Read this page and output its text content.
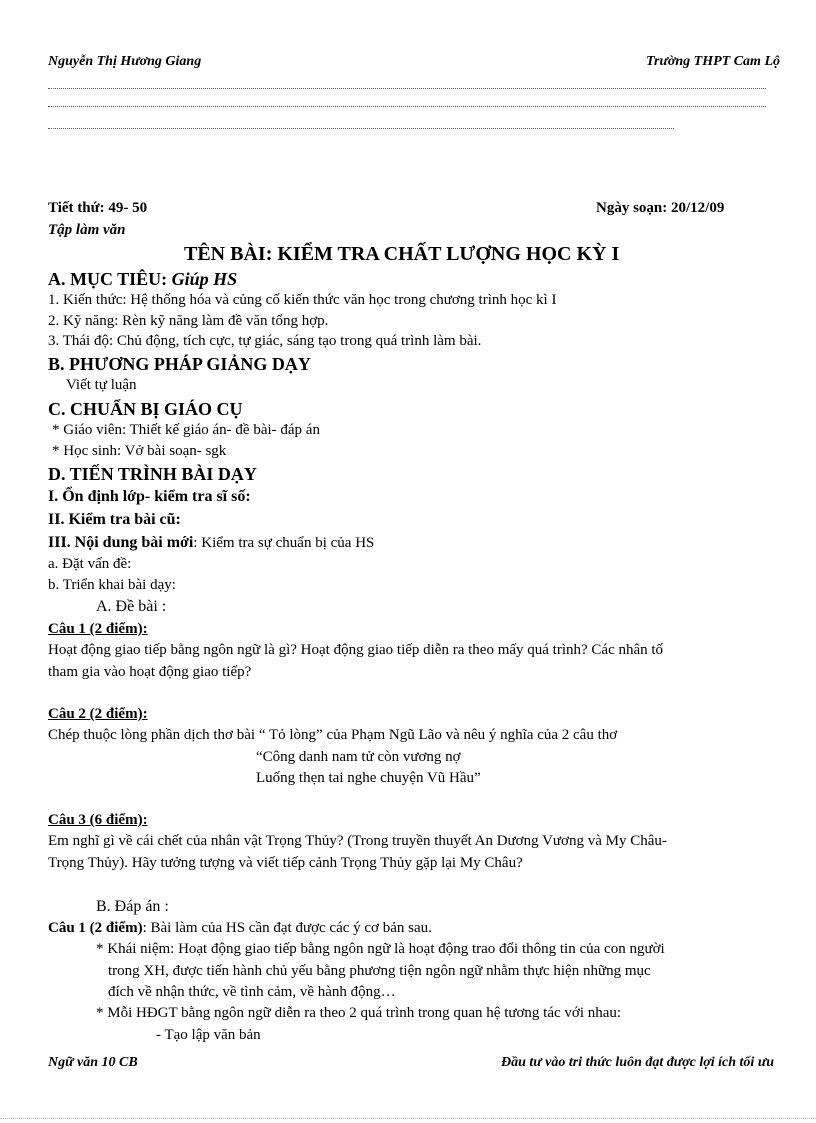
Nguyễn Thị Hương Giang	Trường THPT Cam Lộ
Tiết thứ: 49- 50	Ngày soạn: 20/12/09
Tập làm văn
TÊN BÀI: KIỂM TRA CHẤT LƯỢNG HỌC KỲ I
A. MỤC TIÊU: Giúp HS
1. Kiến thức: Hệ thống hóa và củng cố kiến thức văn học trong chương trình học kì I
2. Kỹ năng: Rèn kỹ năng làm đề văn tổng hợp.
3. Thái độ: Chủ động, tích cực, tự giác, sáng tạo trong quá trình làm bài.
B. PHƯƠNG PHÁP GIẢNG DẠY
Viết tự luận
C. CHUẨN BỊ GIÁO CỤ
* Giáo viên: Thiết kế giáo án- đề bài- đáp án
* Học sinh: Vở bài soạn- sgk
D. TIẾN TRÌNH BÀI DẠY
I. Ổn định lớp- kiểm tra sĩ số:
II. Kiểm tra bài cũ:
III. Nội dung bài mới: Kiểm tra sự chuẩn bị của HS
a. Đặt vấn đề:
b. Triển khai bài dạy:
A. Đề bài :
Câu 1 (2 điểm):
Hoạt động giao tiếp bằng ngôn ngữ là gì? Hoạt động giao tiếp diễn ra theo mấy quá trình? Các nhân tố
tham gia vào hoạt động giao tiếp?
Câu 2 (2 điểm):
Chép thuộc lòng phần dịch thơ bài “ Tỏ lòng” của Phạm Ngũ Lão và nêu ý nghĩa của 2 câu thơ
“Công danh nam tử còn vương nợ
Luống thẹn tai nghe chuyện Vũ Hầu”
Câu 3 (6 điểm):
Em nghĩ gì về cái chết của nhân vật Trọng Thủy? (Trong truyền thuyết An Dương Vương và My Châu-
Trọng Thủy). Hãy tưởng tượng và viết tiếp cảnh Trọng Thủy gặp lại My Châu?
B. Đáp án :
Câu 1 (2 điểm): Bài làm của HS cần đạt được các ý cơ bản sau.
* Khái niệm: Hoạt động giao tiếp bằng ngôn ngữ là hoạt động trao đổi thông tin của con người
trong XH, được tiến hành chủ yếu bằng phương tiện ngôn ngữ nhằm thực hiện những mục
đích về nhận thức, về tình cảm, về hành động…
* Mỗi HĐGT bằng ngôn ngữ diễn ra theo 2 quá trình trong quan hệ tương tác với nhau:
- Tạo lập văn bản
Ngữ văn 10 CB	Đầu tư vào tri thức luôn đạt được lợi ích tối ưu
